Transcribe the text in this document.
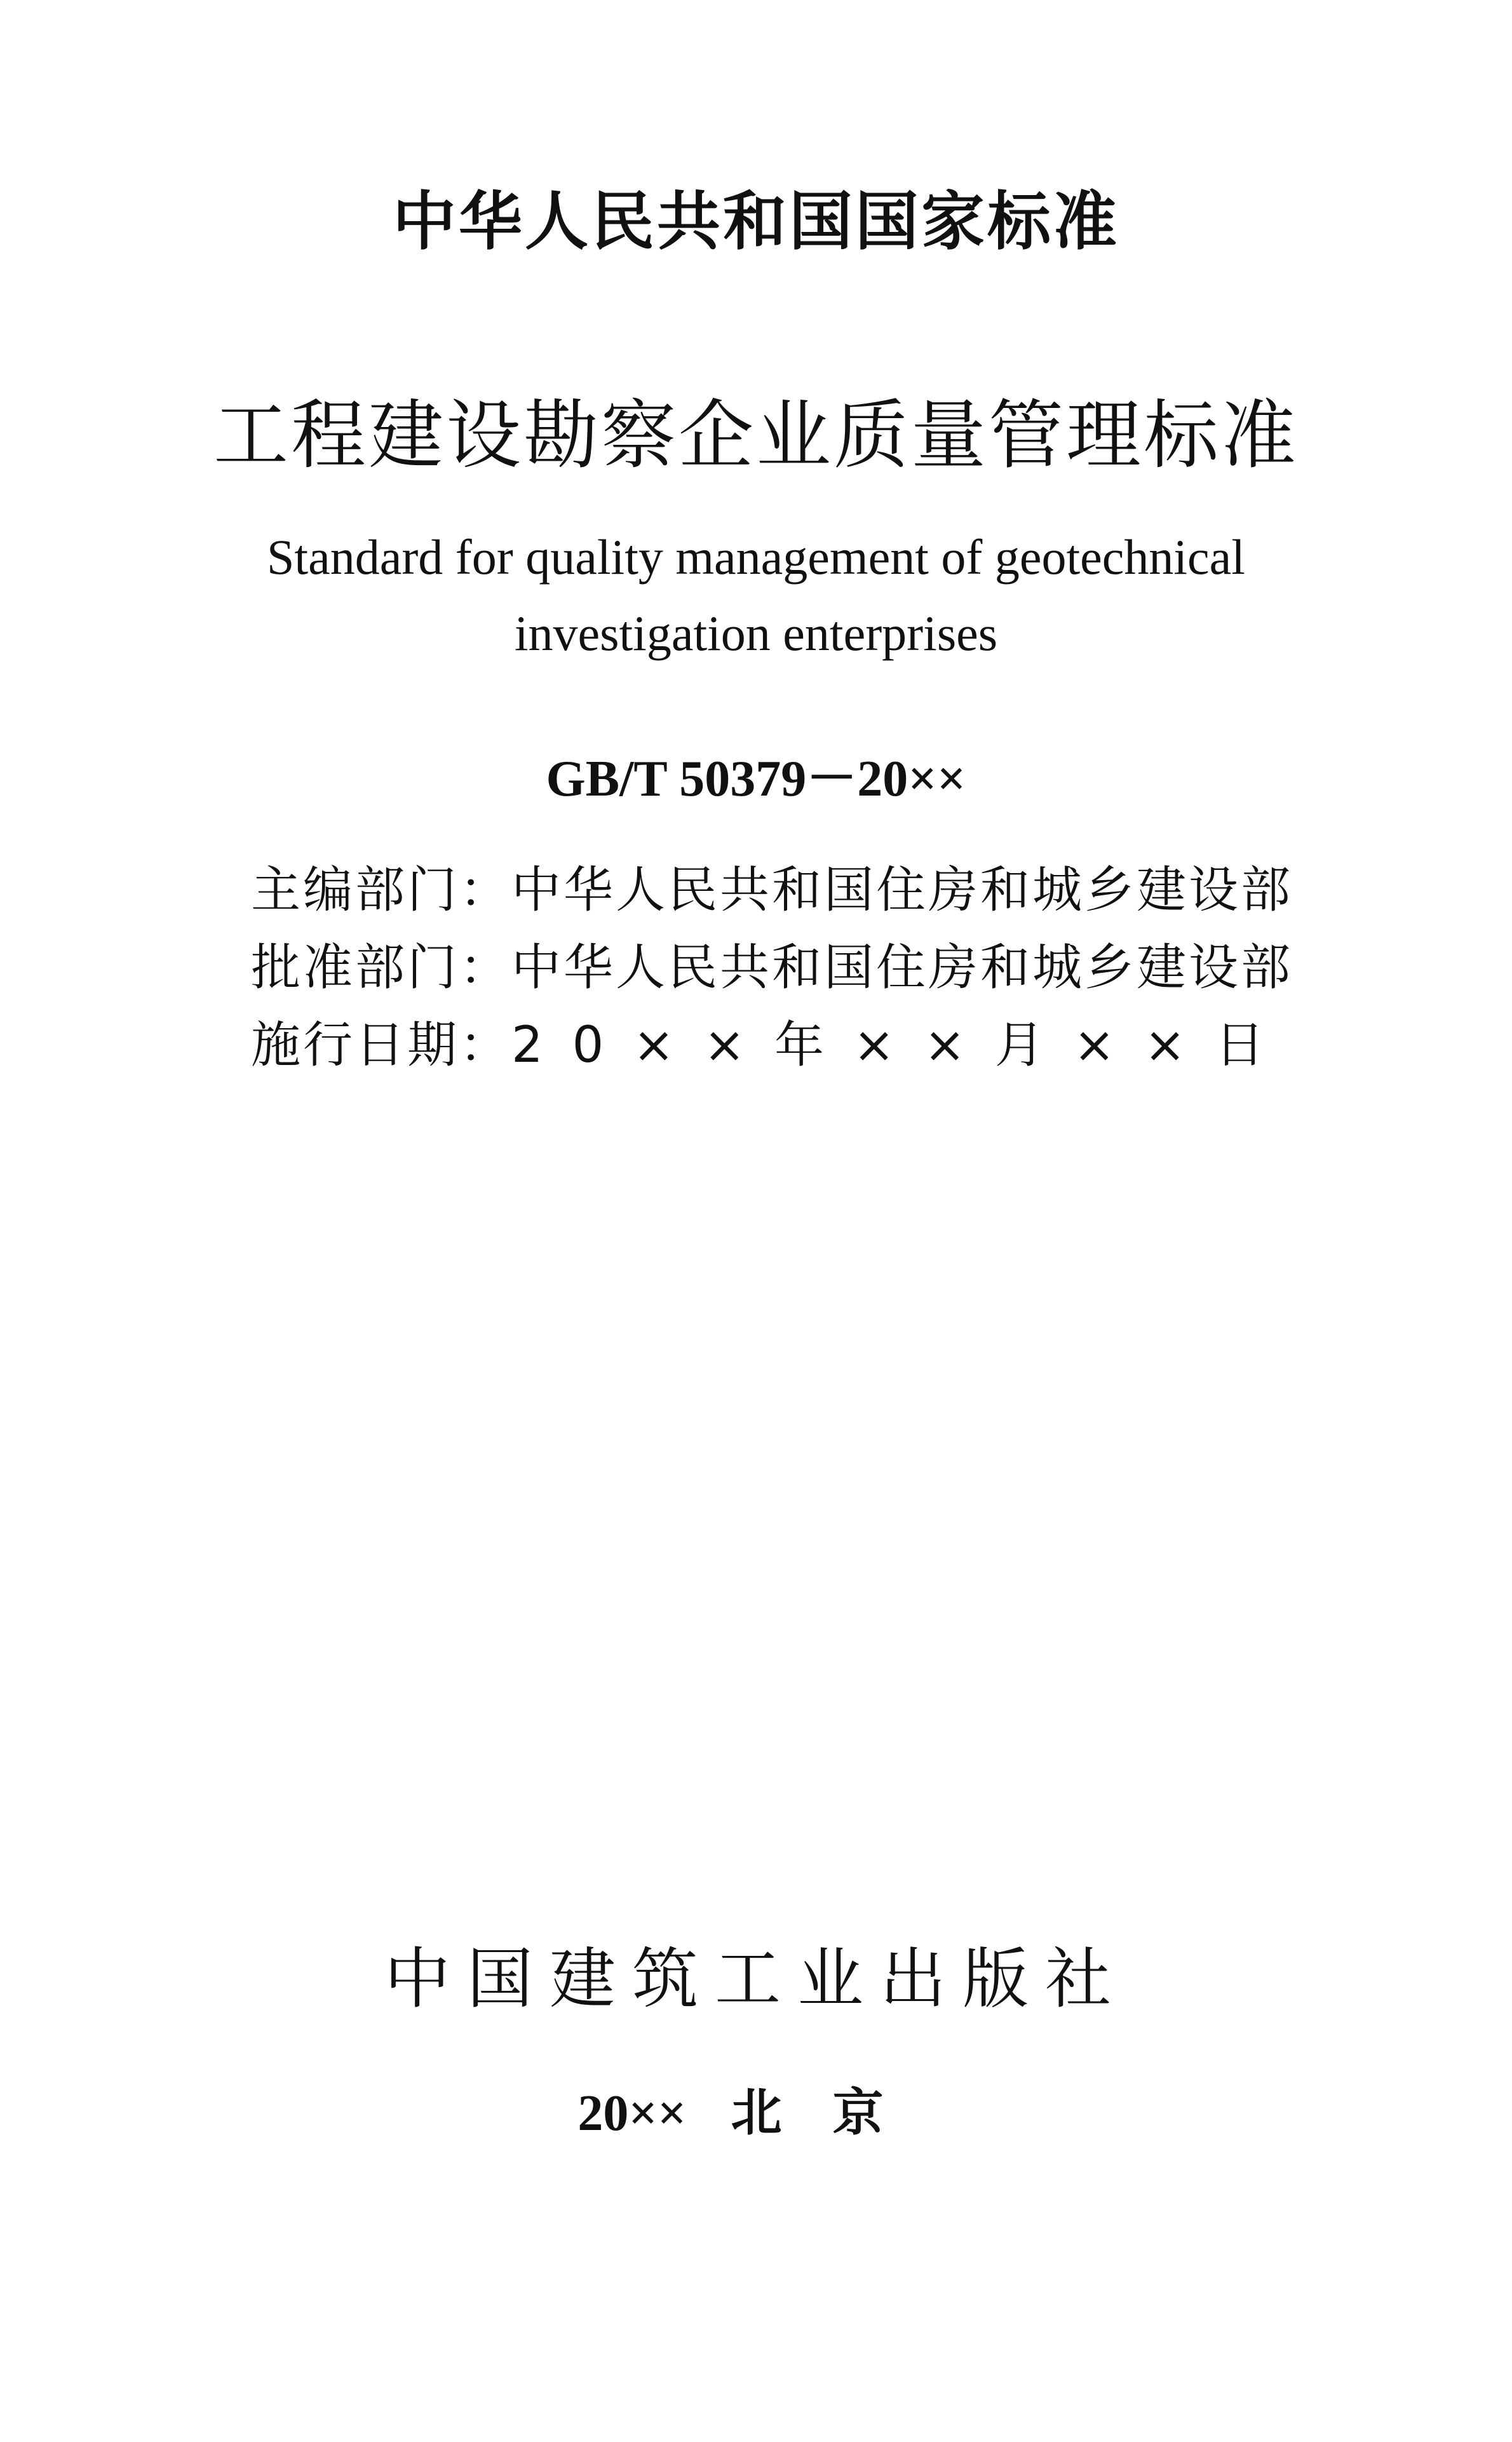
中华人民共和国国家标准
工程建设勘察企业质量管理标准
Standard for quality management of geotechnical
investigation enterprises
GB/T 50379－20××
主编部门： 中华人民共和国住房和城乡建设部
批准部门： 中华人民共和国住房和城乡建设部
施行日期： 20××年××月××日
中国建筑工业出版社
20×× 北京
